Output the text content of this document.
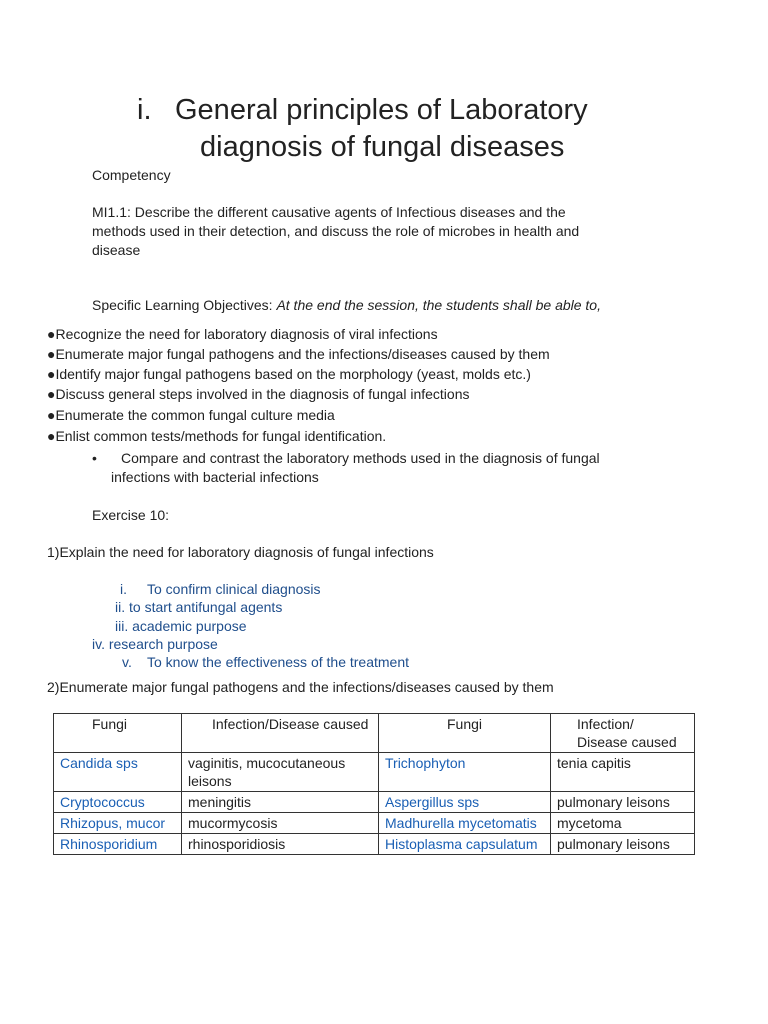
i. General principles of Laboratory
diagnosis of fungal diseases
Competency
MI1.1: Describe the different causative agents of Infectious diseases and the
methods used in their detection, and discuss the role of microbes in health and
disease
Specific Learning Objectives: At the end the session, the students shall be able to,
●Recognize the need for laboratory diagnosis of viral infections
●Enumerate major fungal pathogens and the infections/diseases caused by them
●Identify major fungal pathogens based on the morphology (yeast, molds etc.)
●Discuss general steps involved in the diagnosis of fungal infections
●Enumerate the common fungal culture media
●Enlist common tests/methods for fungal identification.
• Compare and contrast the laboratory methods used in the diagnosis of fungal
infections with bacterial infections
Exercise 10:
1)Explain the need for laboratory diagnosis of fungal infections
i. To confirm clinical diagnosis
ii. to start antifungal agents
iii. academic purpose
iv. research purpose
v. To know the effectiveness of the treatment
2)Enumerate major fungal pathogens and the infections/diseases caused by them
Fungi	Infection/Disease caused	Fungi	Infection/ Disease caused
Candida sps	vaginitis, mucocutaneous leisons	Trichophyton	tenia capitis
Cryptococcus	meningitis	Aspergillus sps	pulmonary leisons
Rhizopus, mucor	mucormycosis	Madhurella mycetomatis	mycetoma
Rhinosporidium	rhinosporidiosis	Histoplasma capsulatum	pulmonary leisons
